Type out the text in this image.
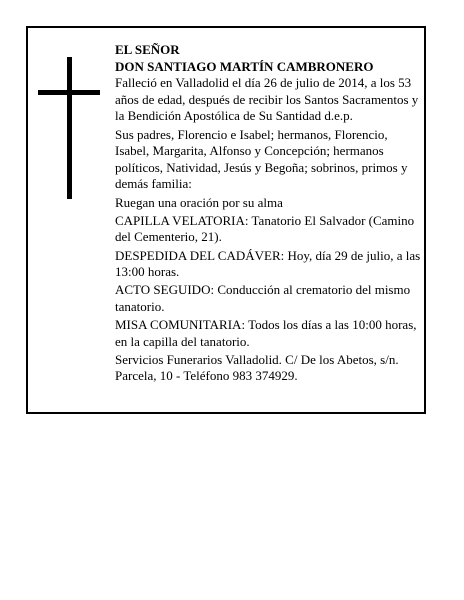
EL SEÑOR

DON SANTIAGO MARTÍN CAMBRONERO

Falleció en Valladolid el día 26 de julio de 2014, a los 53 años de edad, después de recibir los Santos Sacramentos y la Bendición Apostólica de Su Santidad d.e.p.

Sus padres, Florencio e Isabel; hermanos, Florencio, Isabel, Margarita, Alfonso y Concepción; hermanos políticos, Natividad, Jesús y Begoña; sobrinos, primos y demás familia:

Ruegan una oración por su alma

CAPILLA VELATORIA: Tanatorio El Salvador (Camino del Cementerio, 21).

DESPEDIDA DEL CADÁVER: Hoy, día 29 de julio, a las 13:00 horas.

ACTO SEGUIDO: Conducción al crematorio del mismo tanatorio.

MISA COMUNITARIA: Todos los días a las 10:00 horas, en la capilla del tanatorio.

Servicios Funerarios Valladolid. C/ De los Abetos, s/n. Parcela, 10 - Teléfono 983 374929.
